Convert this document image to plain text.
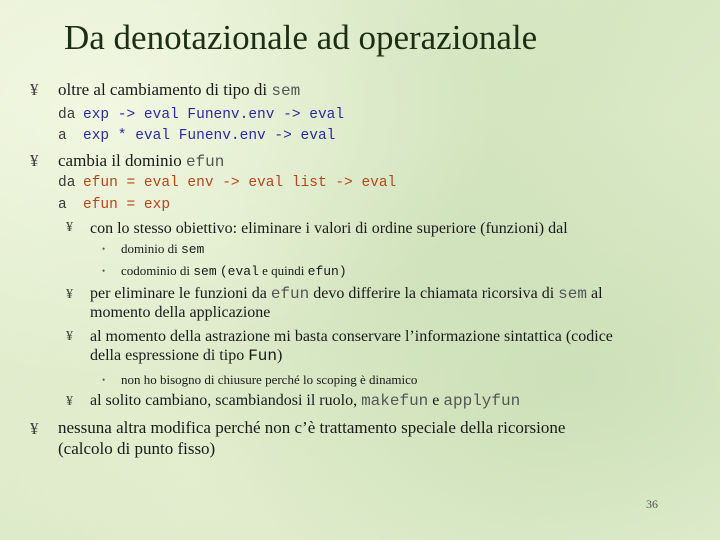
Da denotazionale ad operazionale
¥ oltre al cambiamento di tipo di sem
da exp -> eval Funenv.env -> eval
a exp * eval Funenv.env -> eval
¥ cambia il dominio efun
da efun = eval env -> eval list -> eval
a efun = exp
¥ con lo stesso obiettivo: eliminare i valori di ordine superiore (funzioni) dal
• dominio di sem
• codominio di sem (eval e quindi efun)
¥ per eliminare le funzioni da efun devo differire la chiamata ricorsiva di sem al
momento della applicazione
¥ al momento della astrazione mi basta conservare l’informazione sintattica (codice
della espressione di tipo Fun)
• non ho bisogno di chiusure perché lo scoping è dinamico
¥ al solito cambiano, scambiandosi il ruolo, makefun e applyfun
¥ nessuna altra modifica perché non c’è trattamento speciale della ricorsione
(calcolo di punto fisso)
36
